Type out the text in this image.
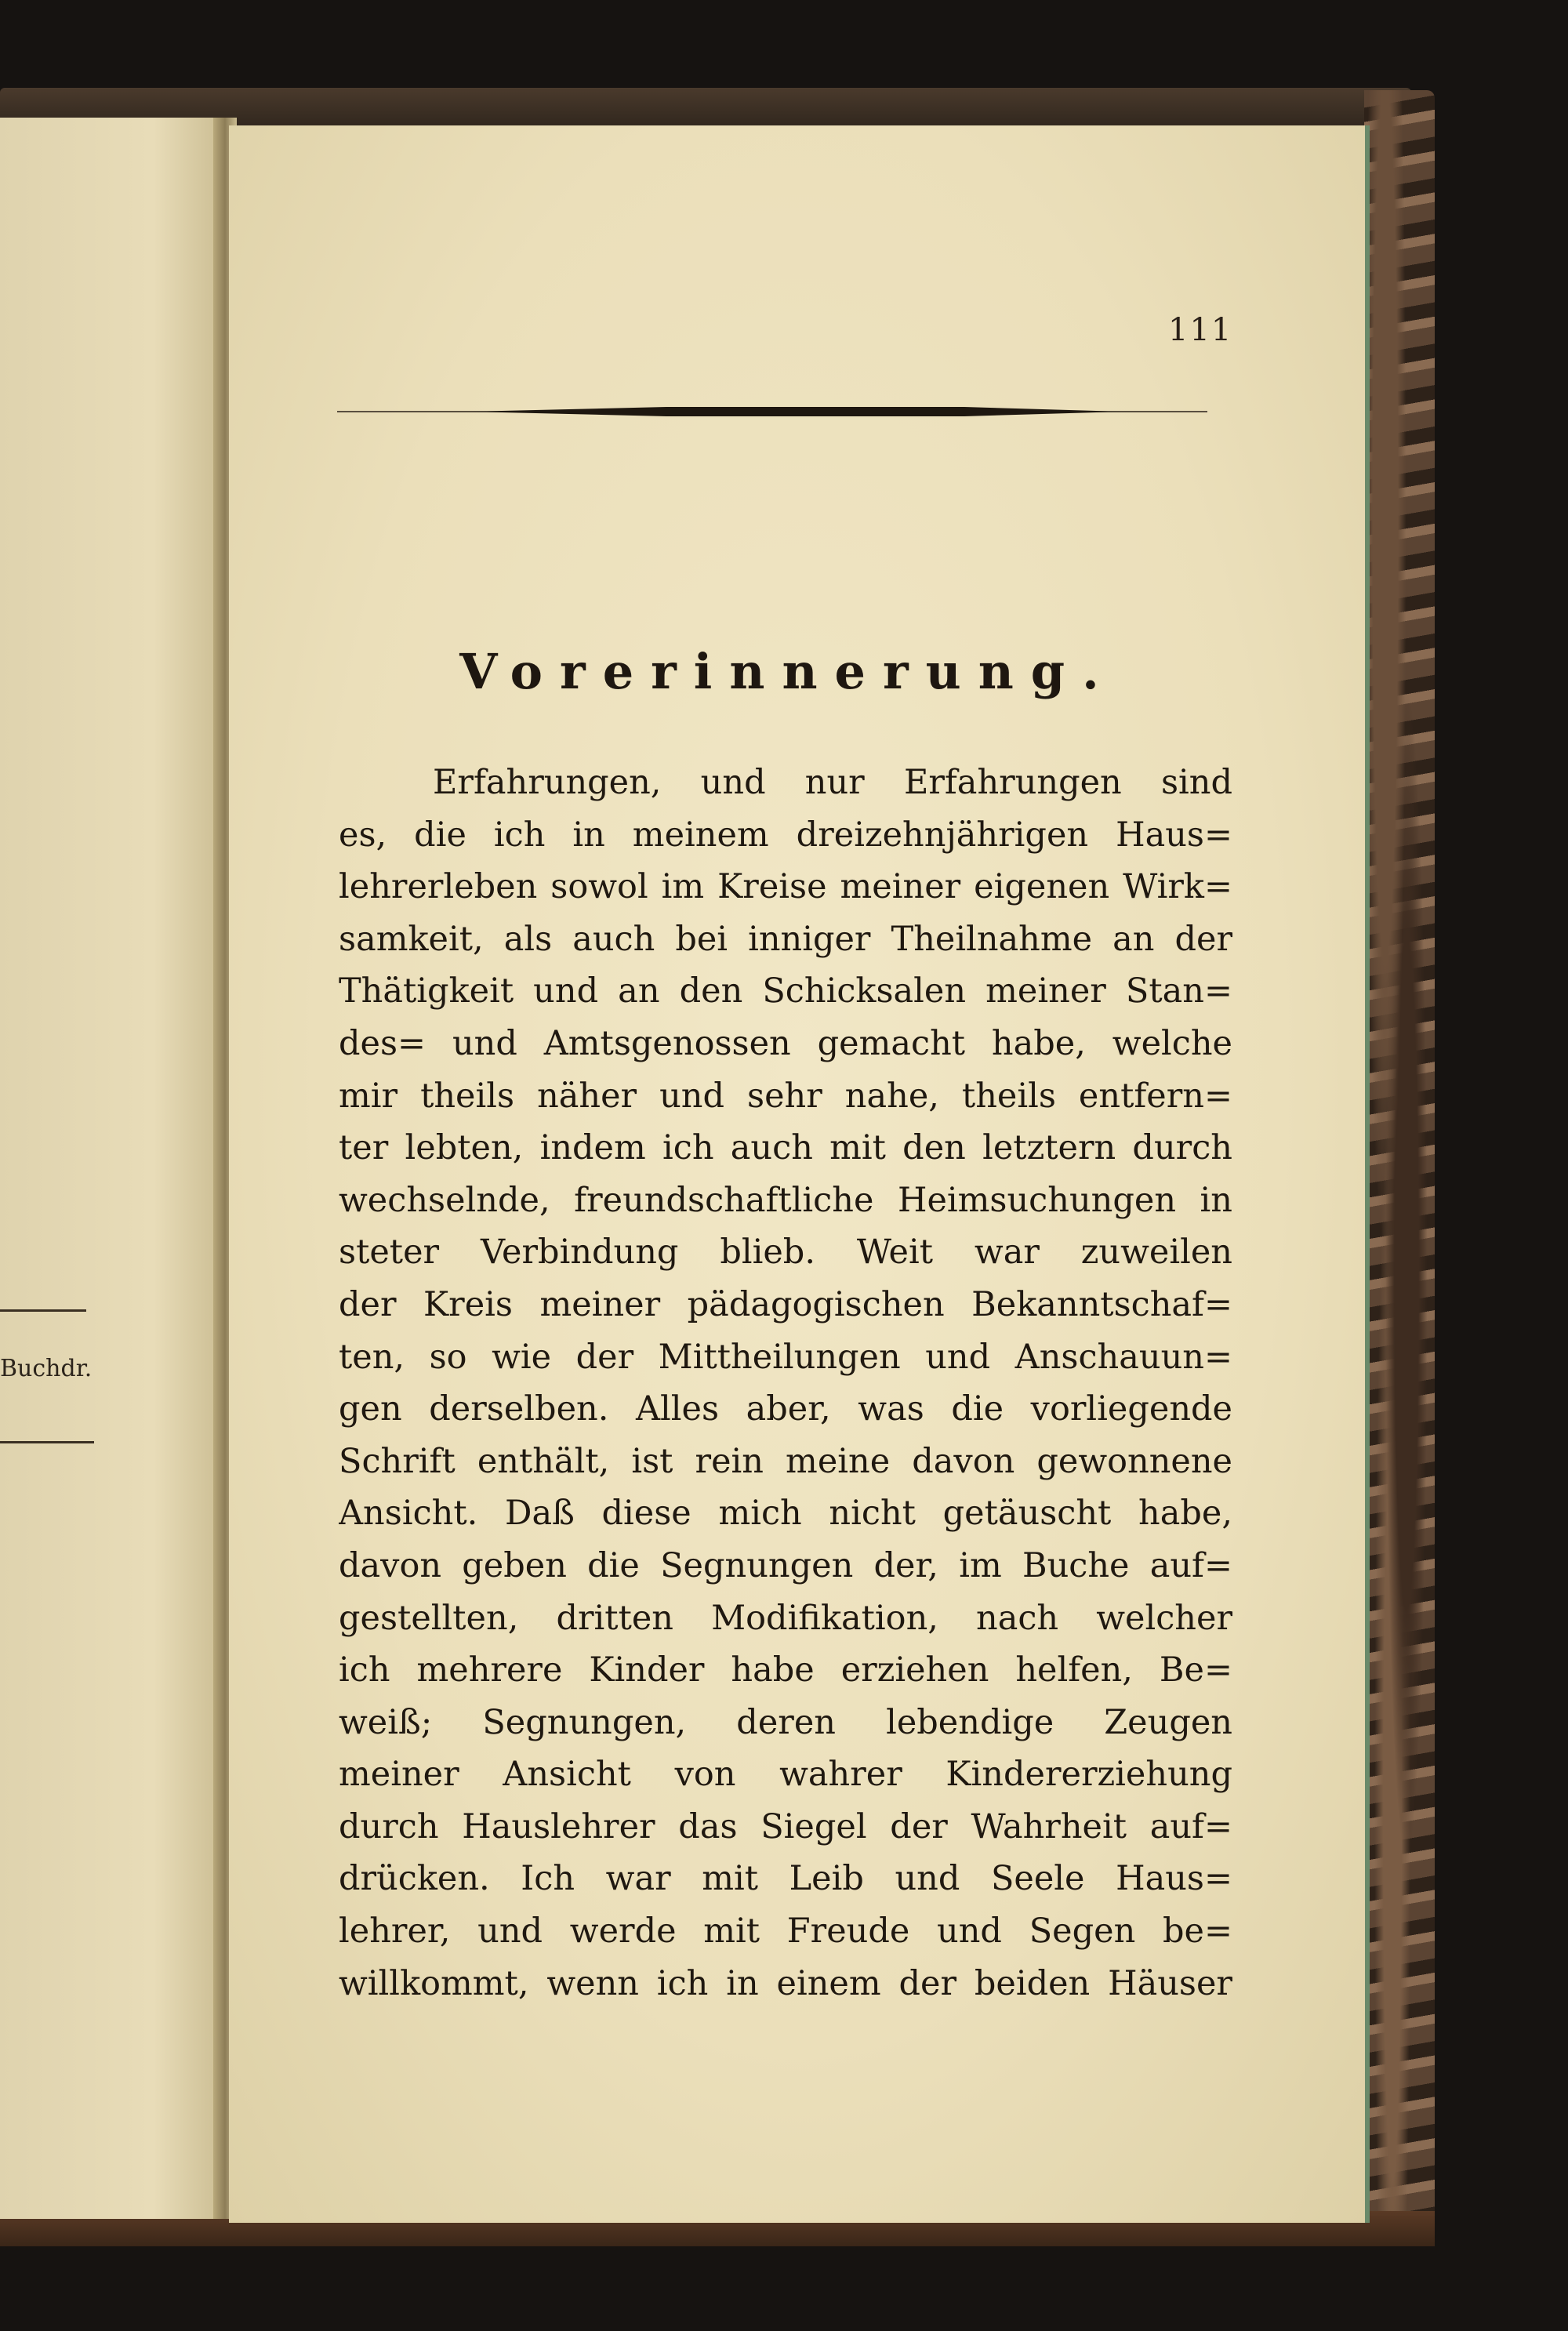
Buchdr.
111
Vorerinnerung.
Erfahrungen, und nur Erfahrungen sind
es, die ich in meinem dreizehnjährigen Haus=
lehrerleben sowol im Kreise meiner eigenen Wirk=
samkeit, als auch bei inniger Theilnahme an der
Thätigkeit und an den Schicksalen meiner Stan=
des= und Amtsgenossen gemacht habe, welche
mir theils näher und sehr nahe, theils entfern=
ter lebten, indem ich auch mit den letztern durch
wechselnde, freundschaftliche Heimsuchungen in
steter Verbindung blieb. Weit war zuweilen
der Kreis meiner pädagogischen Bekanntschaf=
ten, so wie der Mittheilungen und Anschauun=
gen derselben. Alles aber, was die vorliegende
Schrift enthält, ist rein meine davon gewonnene
Ansicht. Daß diese mich nicht getäuscht habe,
davon geben die Segnungen der, im Buche auf=
gestellten, dritten Modifikation, nach welcher
ich mehrere Kinder habe erziehen helfen, Be=
weiß; Segnungen, deren lebendige Zeugen
meiner Ansicht von wahrer Kindererziehung
durch Hauslehrer das Siegel der Wahrheit auf=
drücken. Ich war mit Leib und Seele Haus=
lehrer, und werde mit Freude und Segen be=
willkommt, wenn ich in einem der beiden Häuser
